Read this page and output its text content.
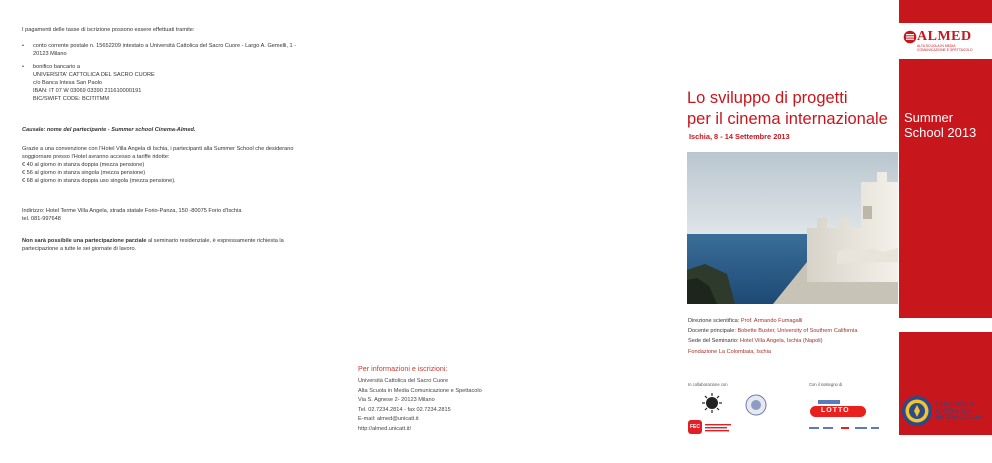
I pagamenti delle tasse di iscrizione possono essere effettuati tramite:
• conto corrente postale n. 15652209 intestato a Università Cattolica del Sacro Cuore - Largo A. Gemelli, 1 - 20123 Milano
• bonifico bancario a
UNIVERSITA' CATTOLICA DEL SACRO CUORE
c/o Banca Intesa San Paolo
IBAN: IT 07 W 03069 03390 211610000191
BIC/SWIFT CODE: BCITITMM
Causale: nome del partecipante - Summer school Cinema-Almed.
Grazie a una convenzione con l'Hotel Villa Angela di Ischia, i partecipanti alla Summer School che desiderano soggiornare presso l'Hotel avranno accesso a tariffe ridotte:
€ 40 al giorno in stanza doppia (mezza pensione)
€ 56 al giorno in stanza singola (mezza pensione)
€ 68 al giorno in stanza doppia uso singola (mezza pensione).
Indirizzo: Hotel Terme Villa Angela, strada statale Forio-Panza, 150 -80075 Forio d'Ischia
tel. 081-997648
Non sarà possibile una partecipazione parziale al seminario residenziale, è espressamente richiesta la partecipazione a tutte le sei giornate di lavoro.
Per informazioni e iscrizioni:
Università Cattolica del Sacro Cuore
Alta Scuola in Media Comunicazione e Spettacolo
Via S. Agnese 2- 20123 Milano
Tel. 02.7234.2814 - fax 02.7234.2815
E-mail: almed@unicatt.it
http://almed.unicatt.it/
ALMED
ALTA SCUOLA IN MEDIA
COMUNICAZIONE E SPETTACOLO
Summer
School 2013
Lo sviluppo di progetti
per il cinema internazionale
Ischia, 8 - 14 Settembre 2013
Direzione scientifica: Prof. Armando Fumagalli
Docente principale: Bobette Buster, University of Southern California
Sede del Seminario: Hotel Villa Angela, Ischia (Napoli)
Fondazione La Colombaia, Ischia
In collaborazione con	Con il sostegno di
FEC
LOTTO
UNIVERSITÀ
CATTOLICA
del Sacro Cuore
